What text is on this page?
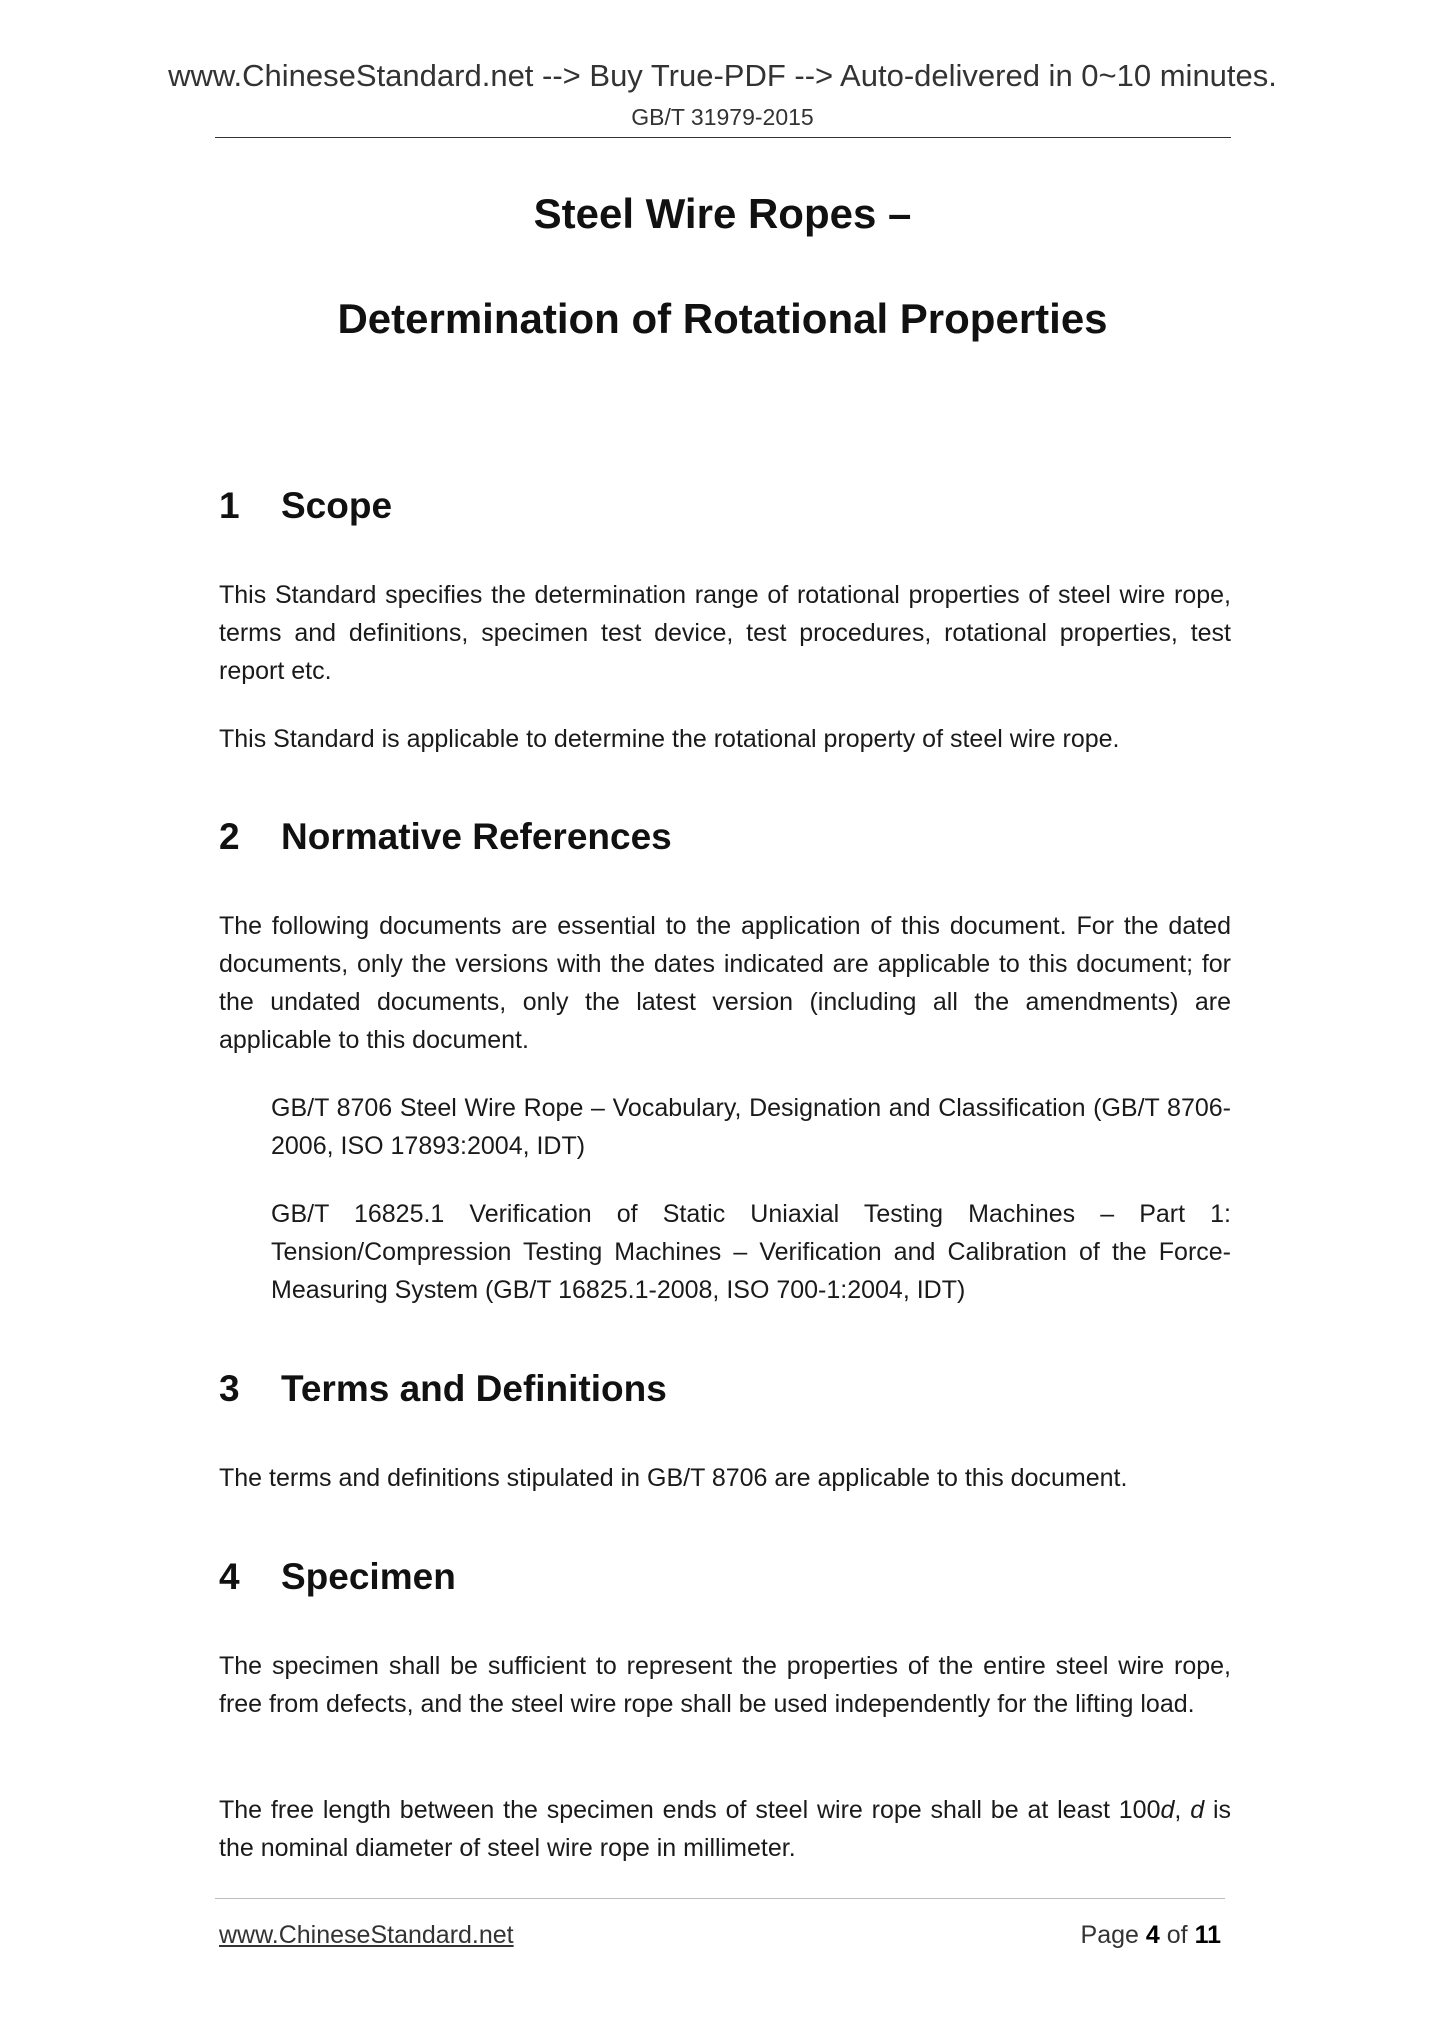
www.ChineseStandard.net --> Buy True-PDF --> Auto-delivered in 0~10 minutes.
GB/T 31979-2015
Steel Wire Ropes –
Determination of Rotational Properties
1 Scope
This Standard specifies the determination range of rotational properties of steel wire rope, terms and definitions, specimen test device, test procedures, rotational properties, test report etc.
This Standard is applicable to determine the rotational property of steel wire rope.
2 Normative References
The following documents are essential to the application of this document. For the dated documents, only the versions with the dates indicated are applicable to this document; for the undated documents, only the latest version (including all the amendments) are applicable to this document.
GB/T 8706 Steel Wire Rope – Vocabulary, Designation and Classification (GB/T 8706-2006, ISO 17893:2004, IDT)
GB/T 16825.1 Verification of Static Uniaxial Testing Machines – Part 1: Tension/Compression Testing Machines – Verification and Calibration of the Force-Measuring System (GB/T 16825.1-2008, ISO 700-1:2004, IDT)
3 Terms and Definitions
The terms and definitions stipulated in GB/T 8706 are applicable to this document.
4 Specimen
The specimen shall be sufficient to represent the properties of the entire steel wire rope, free from defects, and the steel wire rope shall be used independently for the lifting load.
The free length between the specimen ends of steel wire rope shall be at least 100d, d is the nominal diameter of steel wire rope in millimeter.
www.ChineseStandard.net	Page 4 of 11
